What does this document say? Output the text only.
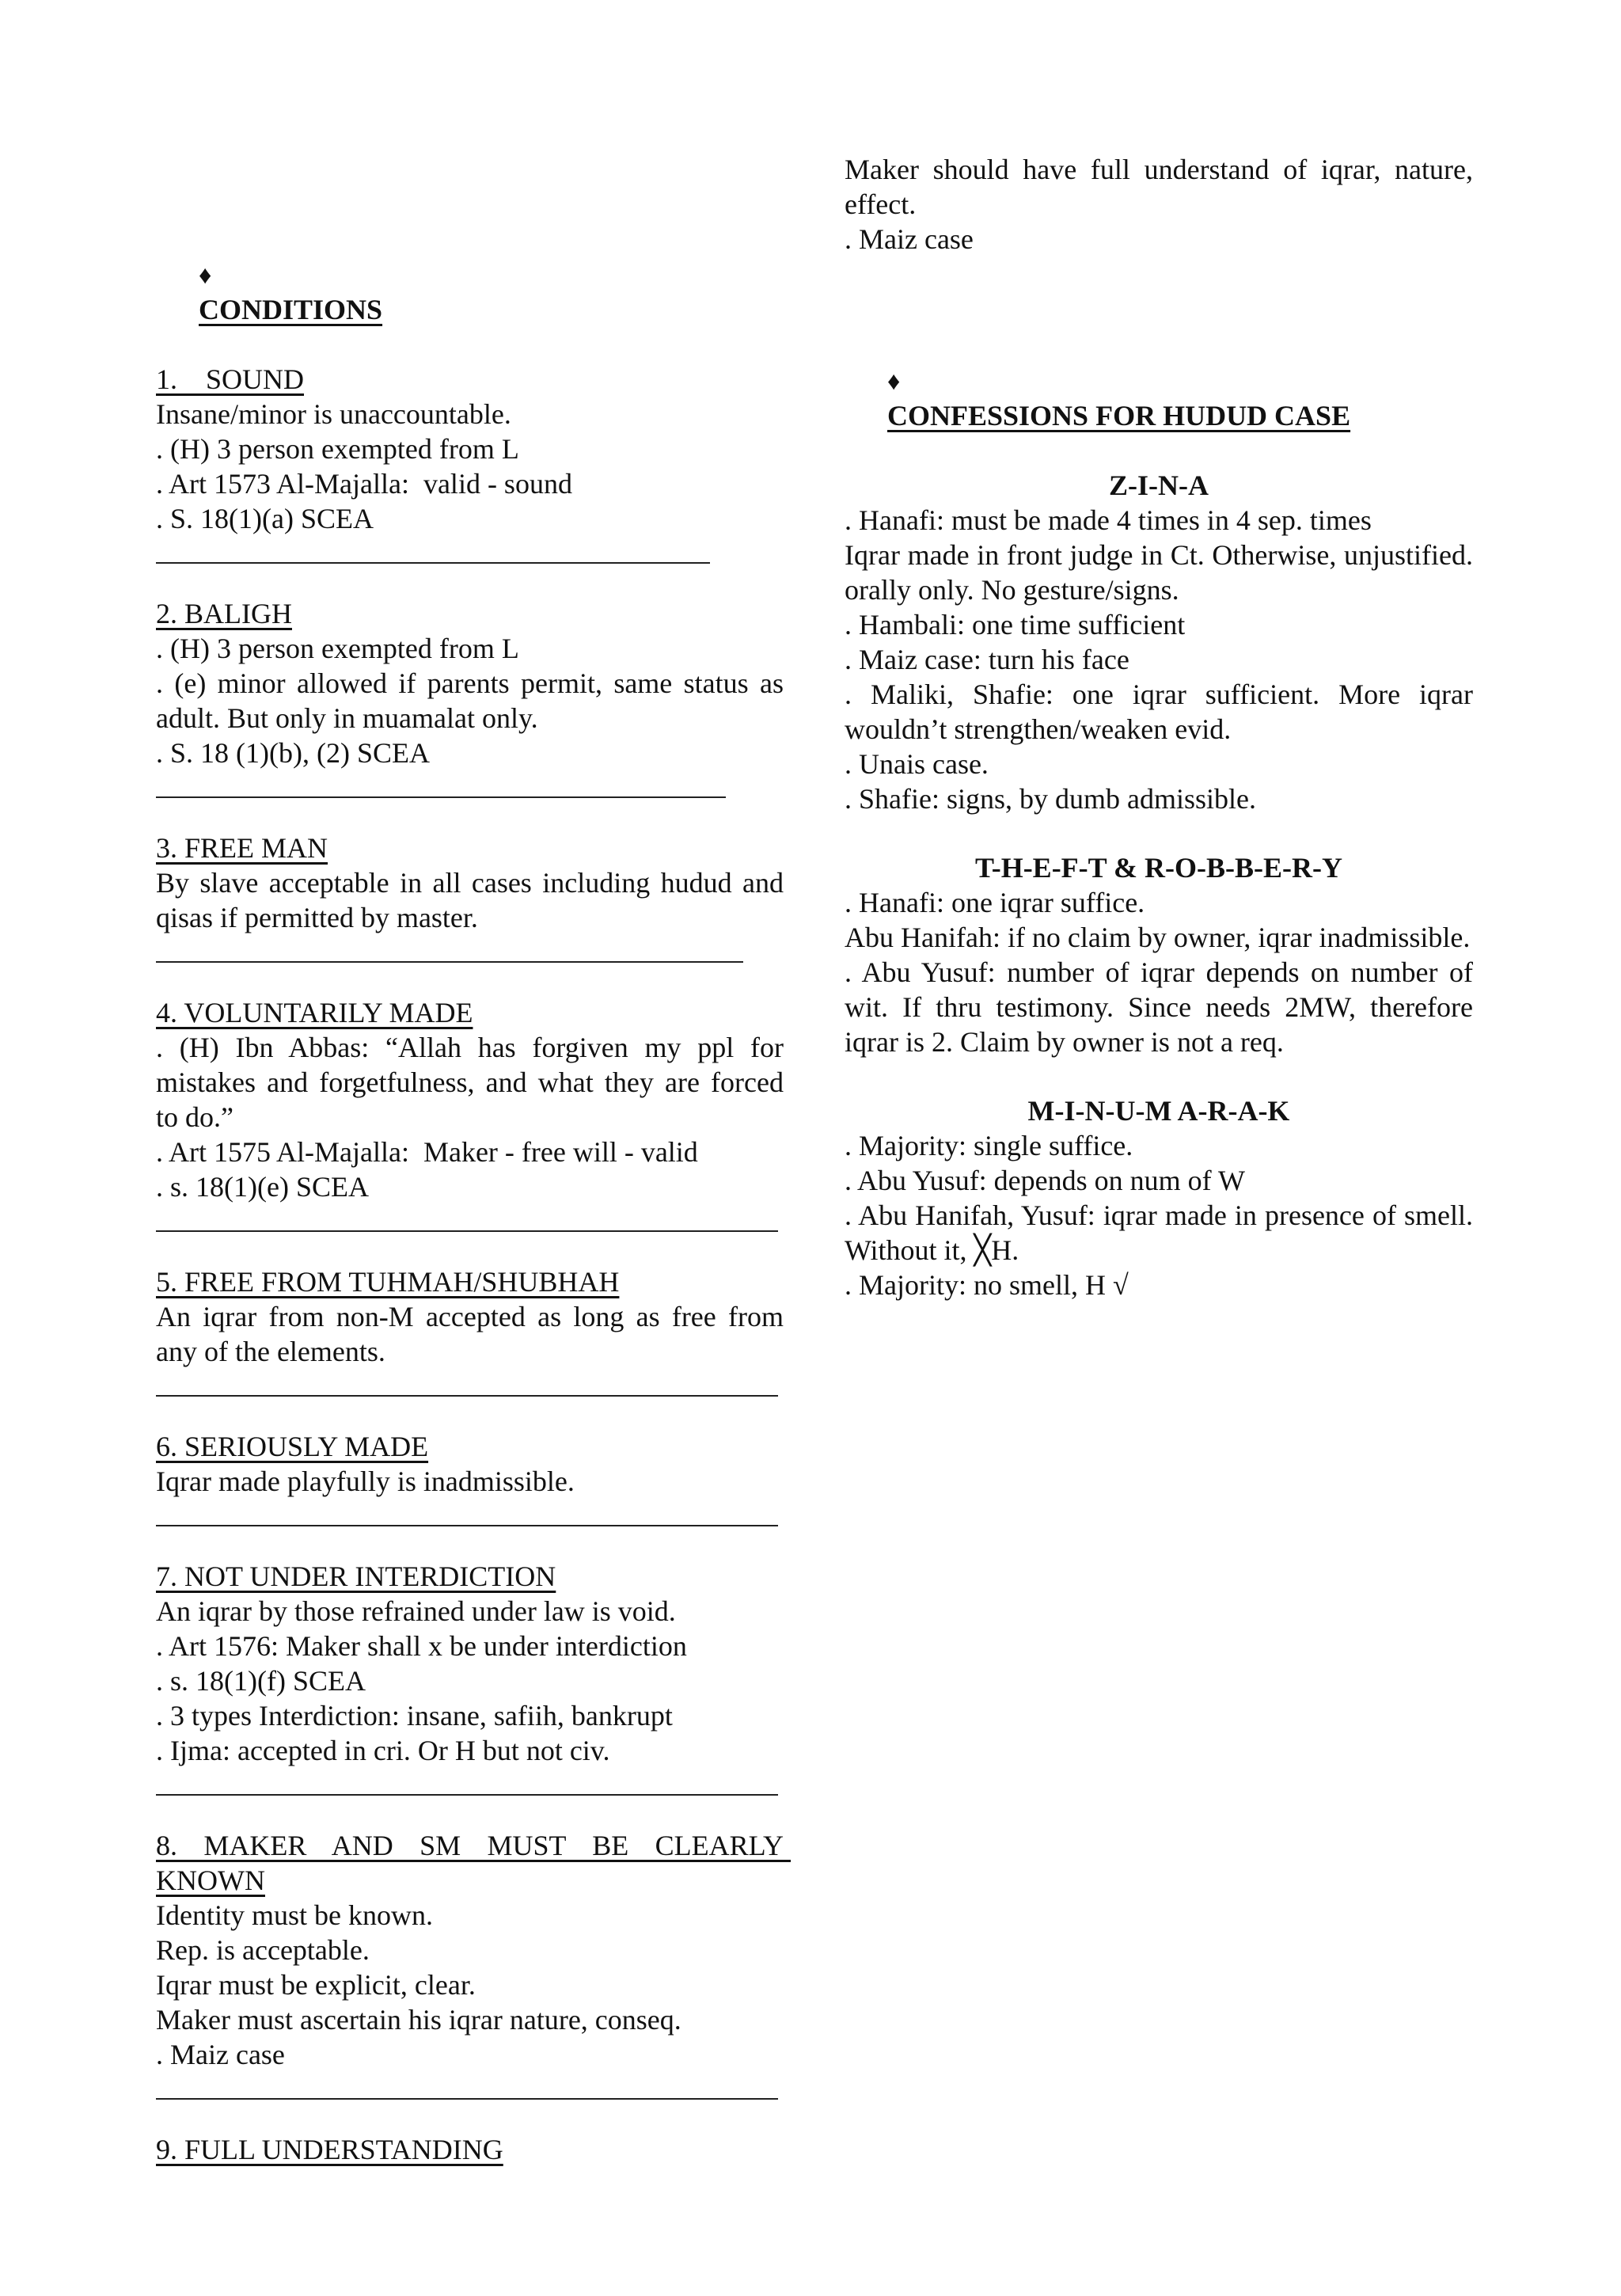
♦
CONDITIONS

1. SOUND

Insane/minor is unaccountable.

. (H) 3 person exempted from L

. Art 1573 Al-Majalla:  valid - sound

. S. 18(1)(a) SCEA

2. BALIGH

. (H) 3 person exempted from L

. (e) minor allowed if parents permit, same status as adult. But only in muamalat only.

. S. 18 (1)(b), (2) SCEA

3. FREE MAN

By slave acceptable in all cases including hudud and qisas if permitted by master.

4. VOLUNTARILY MADE

. (H) Ibn Abbas: “Allah has forgiven my ppl for mistakes and forgetfulness, and what they are forced to do.”

. Art 1575 Al-Majalla:  Maker - free will - valid

. s. 18(1)(e) SCEA

5. FREE FROM TUHMAH/SHUBHAH

An iqrar from non-M accepted as long as free from any of the elements.

6. SERIOUSLY MADE

Iqrar made playfully is inadmissible.

7. NOT UNDER INTERDICTION

An iqrar by those refrained under law is void.

. Art 1576: Maker shall x be under interdiction

. s. 18(1)(f) SCEA

. 3 types Interdiction: insane, safiih, bankrupt

. Ijma: accepted in cri. Or H but not civ.

8.  MAKER  AND  SM  MUST  BE  CLEARLY KNOWN

Identity must be known.

Rep. is acceptable.

Iqrar must be explicit, clear.

Maker must ascertain his iqrar nature, conseq.

. Maiz case

9. FULL UNDERSTANDING

Maker should have full understand of iqrar, nature, effect.

. Maiz case

♦
CONFESSIONS FOR HUDUD CASE

Z-I-N-A

. Hanafi: must be made 4 times in 4 sep. times

Iqrar made in front judge in Ct. Otherwise, unjustified.  orally only. No gesture/signs.

. Hambali: one time sufficient

. Maiz case: turn his face

. Maliki, Shafie: one iqrar sufficient. More iqrar wouldn’t strengthen/weaken evid.

. Unais case.

. Shafie: signs, by dumb admissible.

T-H-E-F-T & R-O-B-B-E-R-Y

. Hanafi: one iqrar suffice.

Abu Hanifah: if no claim by owner, iqrar inadmissible.

. Abu Yusuf: number of iqrar depends on number of wit. If thru testimony. Since needs 2MW, therefore iqrar is 2. Claim by owner is not a req.

M-I-N-U-M A-R-A-K

. Majority: single suffice.

. Abu Yusuf: depends on num of W

. Abu Hanifah, Yusuf: iqrar made in presence of smell. Without it, ╳H.

. Majority: no smell, H √
